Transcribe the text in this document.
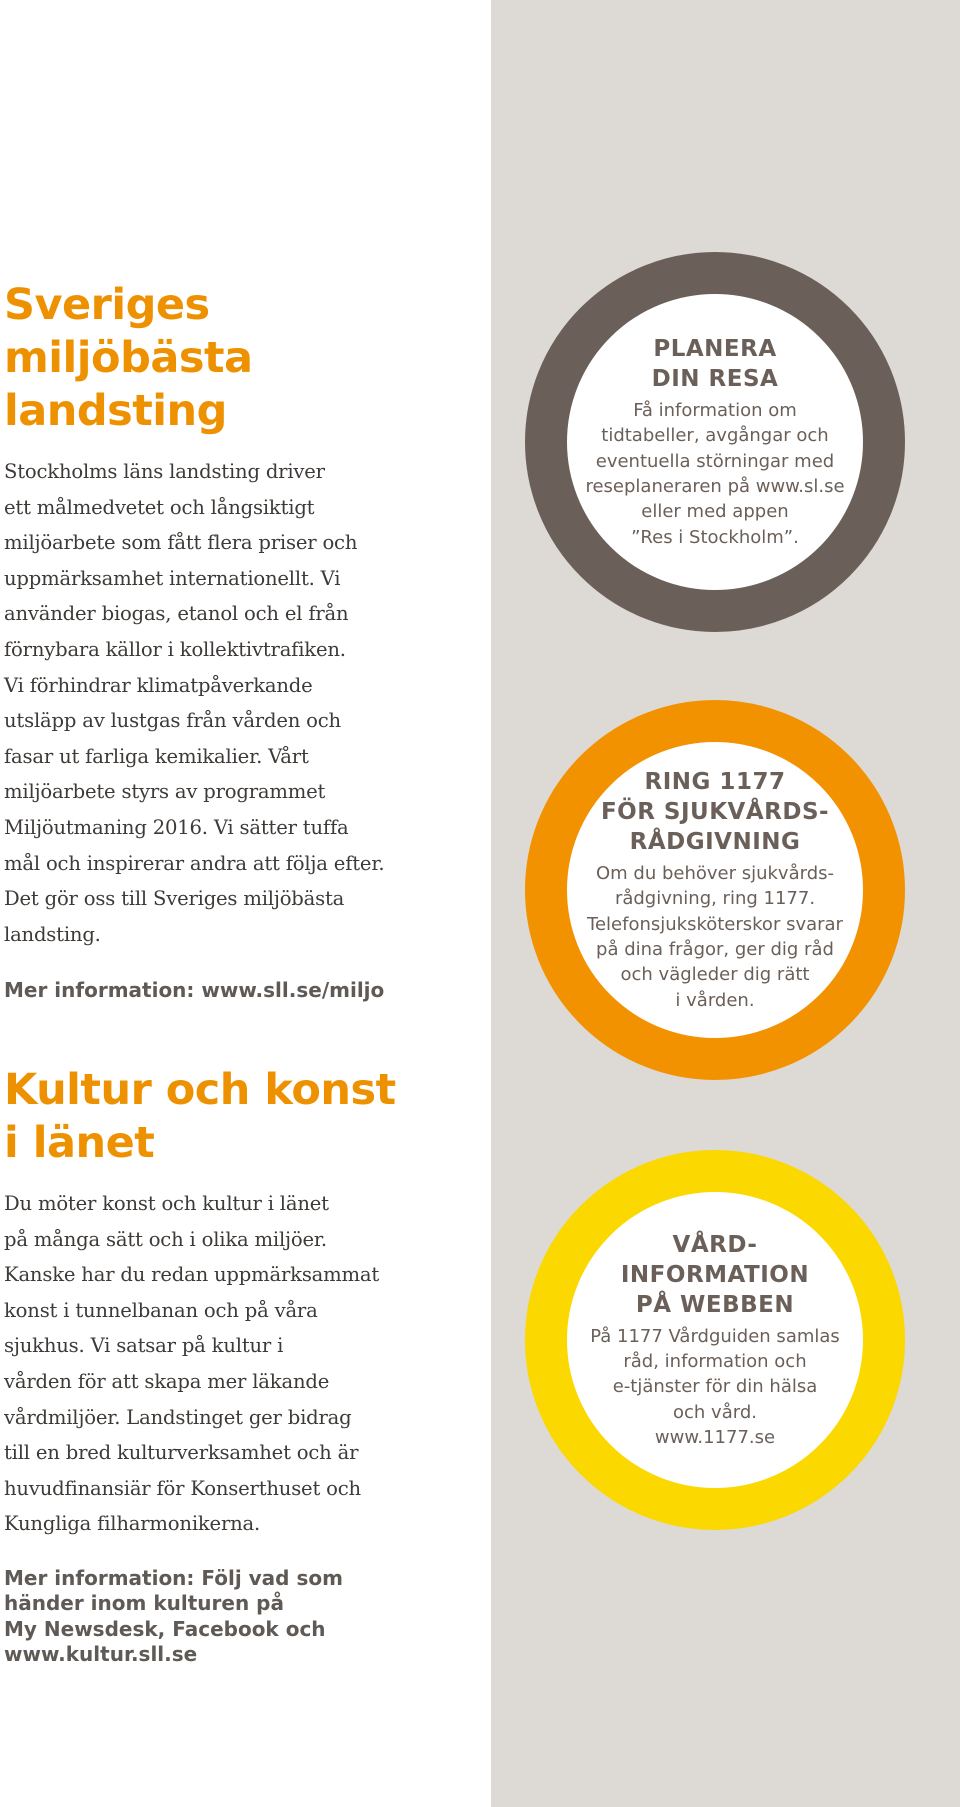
Sveriges
miljöbästa
landsting

Stockholms läns landsting driver
ett målmedvetet och långsiktigt
miljöarbete som fått flera priser och
uppmärksamhet internationellt. Vi
använder biogas, etanol och el från
förnybara källor i kollektivtrafiken.
Vi förhindrar klimatpåverkande
utsläpp av lustgas från vården och
fasar ut farliga kemikalier. Vårt
miljöarbete styrs av programmet
Miljöutmaning 2016. Vi sätter tuffa
mål och inspirerar andra att följa efter.
Det gör oss till Sveriges miljöbästa
landsting.

Mer information: www.sll.se/miljo

Kultur och konst
i länet

Du möter konst och kultur i länet
på många sätt och i olika miljöer.
Kanske har du redan uppmärksammat
konst i tunnelbanan och på våra
sjukhus. Vi satsar på kultur i
vården för att skapa mer läkande
vårdmiljöer. Landstinget ger bidrag
till en bred kulturverksamhet och är
huvudfinansiär för Konserthuset och
Kungliga filharmonikerna.

Mer information: Följ vad som
händer inom kulturen på
My Newsdesk, Facebook och
www.kultur.sll.se

PLANERA
DIN RESA

Få information om
tidtabeller, avgångar och
eventuella störningar med
reseplaneraren på www.sl.se
eller med appen
”Res i Stockholm”.

RING 1177
FÖR SJUKVÅRDS-
RÅDGIVNING

Om du behöver sjukvårds-
rådgivning, ring 1177.
Telefonsjuksköterskor svarar
på dina frågor, ger dig råd
och vägleder dig rätt
i vården.

VÅRD-
INFORMATION
PÅ WEBBEN

På 1177 Vårdguiden samlas
råd, information och
e-tjänster för din hälsa
och vård.
www.1177.se
